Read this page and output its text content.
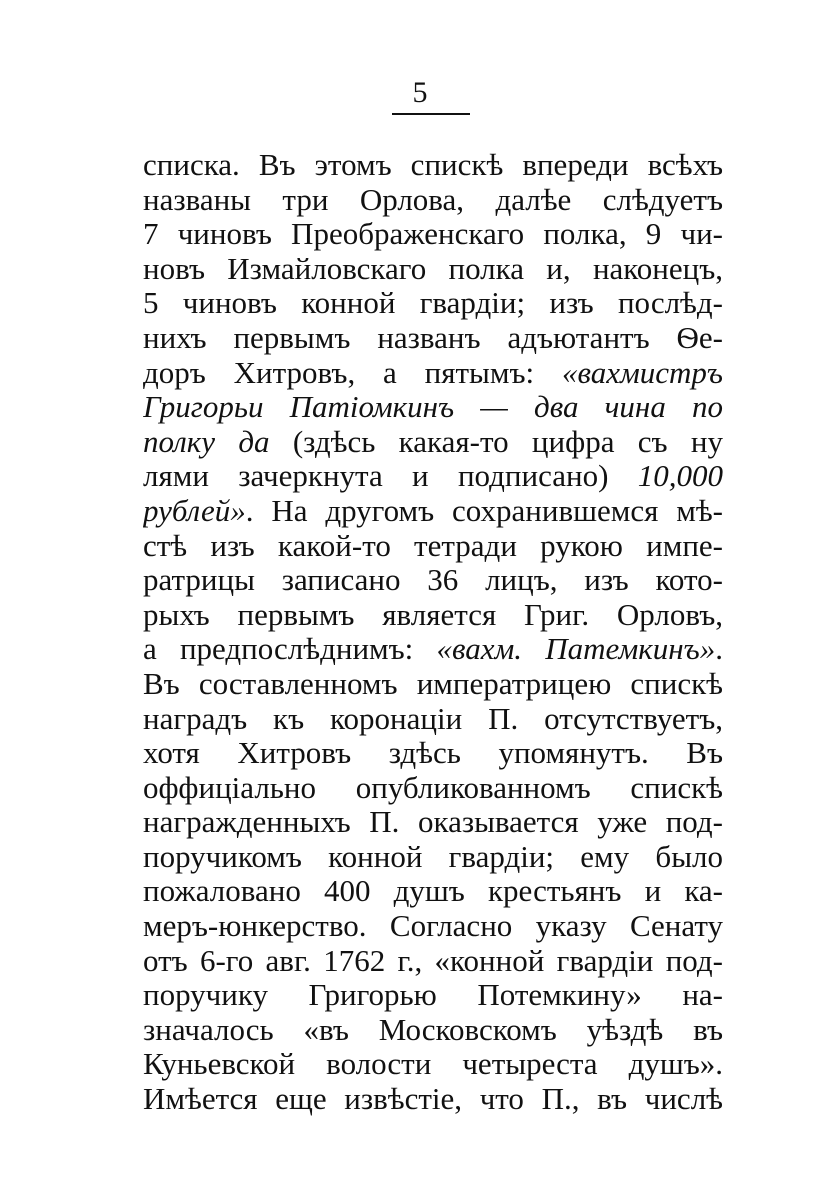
5
списка. Въ этомъ спискѣ впереди всѣхъ
названы три Орлова, далѣе слѣдуетъ
7 чиновъ Преображенскаго полка, 9 чи-
новъ Измайловскаго полка и, наконецъ,
5 чиновъ конной гвардіи; изъ послѣд-
нихъ первымъ названъ адъютантъ Ѳе-
доръ Хитровъ, а пятымъ: «вахмистръ
Григорьи Патіомкинъ — два чина по
полку да (здѣсь какая-то цифра съ ну
лями зачеркнута и подписано) 10,000
рублей». На другомъ сохранившемся мѣ-
стѣ изъ какой-то тетради рукою импе-
ратрицы записано 36 лицъ, изъ кото-
рыхъ первымъ является Григ. Орловъ,
а предпослѣднимъ: «вахм. Патемкинъ».
Въ составленномъ императрицею спискѣ
наградъ къ коронаціи П. отсутствуетъ,
хотя Хитровъ здѣсь упомянутъ. Въ
оффиціально опубликованномъ спискѣ
награжденныхъ П. оказывается уже под-
поручикомъ конной гвардіи; ему было
пожаловано 400 душъ крестьянъ и ка-
меръ-юнкерство. Согласно указу Сенату
отъ 6-го авг. 1762 г., «конной гвардіи под-
поручику Григорью Потемкину» на-
значалось «въ Московскомъ уѣздѣ въ
Куньевской волости четыреста душъ».
Имѣется еще извѣстіе, что П., въ числѣ
